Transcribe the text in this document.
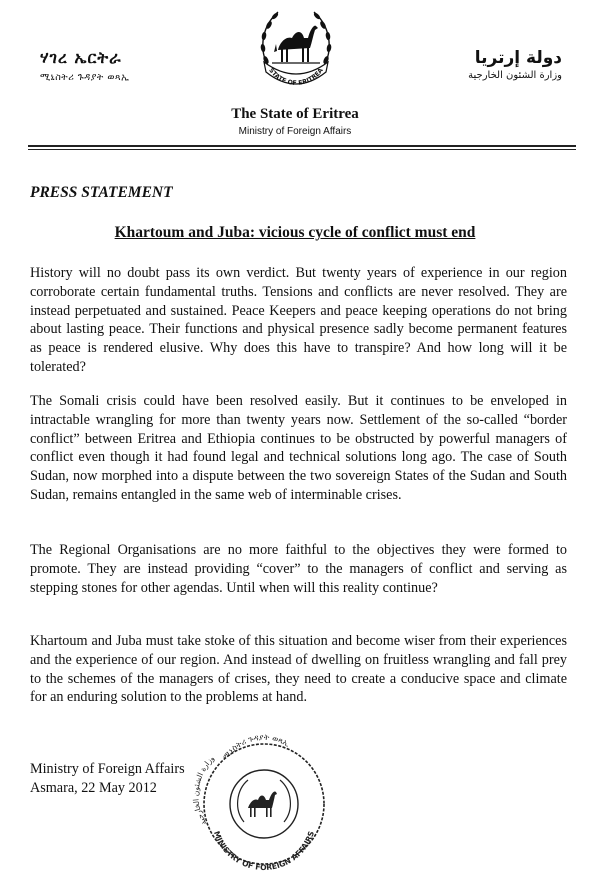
ሃገረ ኤርትራ
ሚኒስትሪ ጉዳያት ወጻኢ
STATE OF ERITREA
دولة إرتريا
وزارة الشئون الخارجية
The State of Eritrea
Ministry of Foreign Affairs
PRESS STATEMENT
Khartoum and Juba: vicious cycle of conflict must end

History will no doubt pass its own verdict. But twenty years of experience in our region corroborate certain fundamental truths. Tensions and conflicts are never resolved. They are instead perpetuated and sustained. Peace Keepers and peace keeping operations do not bring about lasting peace. Their functions and physical presence sadly become permanent features as peace is rendered elusive. Why does this have to transpire? And how long will it be tolerated?

The Somali crisis could have been resolved easily. But it continues to be enveloped in intractable wrangling for more than twenty years now. Settlement of the so-called “border conflict” between Eritrea and Ethiopia continues to be obstructed by powerful managers of conflict even though it had found legal and technical solutions long ago. The case of South Sudan, now morphed into a dispute between the two sovereign States of the Sudan and South Sudan, remains entangled in the same web of interminable crises.

The Regional Organisations are no more faithful to the objectives they were formed to promote. They are instead providing “cover” to the managers of conflict and serving as stepping stones for other agendas. Until when will this reality continue?

Khartoum and Juba must take stoke of this situation and become wiser from their experiences and the experience of our region. And instead of dwelling on fruitless wrangling and fall prey to the schemes of the managers of crises, they need to create a conducive space and climate for an enduring solution to the problems at hand.

Ministry of Foreign Affairs
Asmara, 22 May 2012
ሚኒስትሪ ጉዳያት ወጻኢ
وزارة الشئون الخارجية
MINISTRY OF FOREIGN AFFAIRS
